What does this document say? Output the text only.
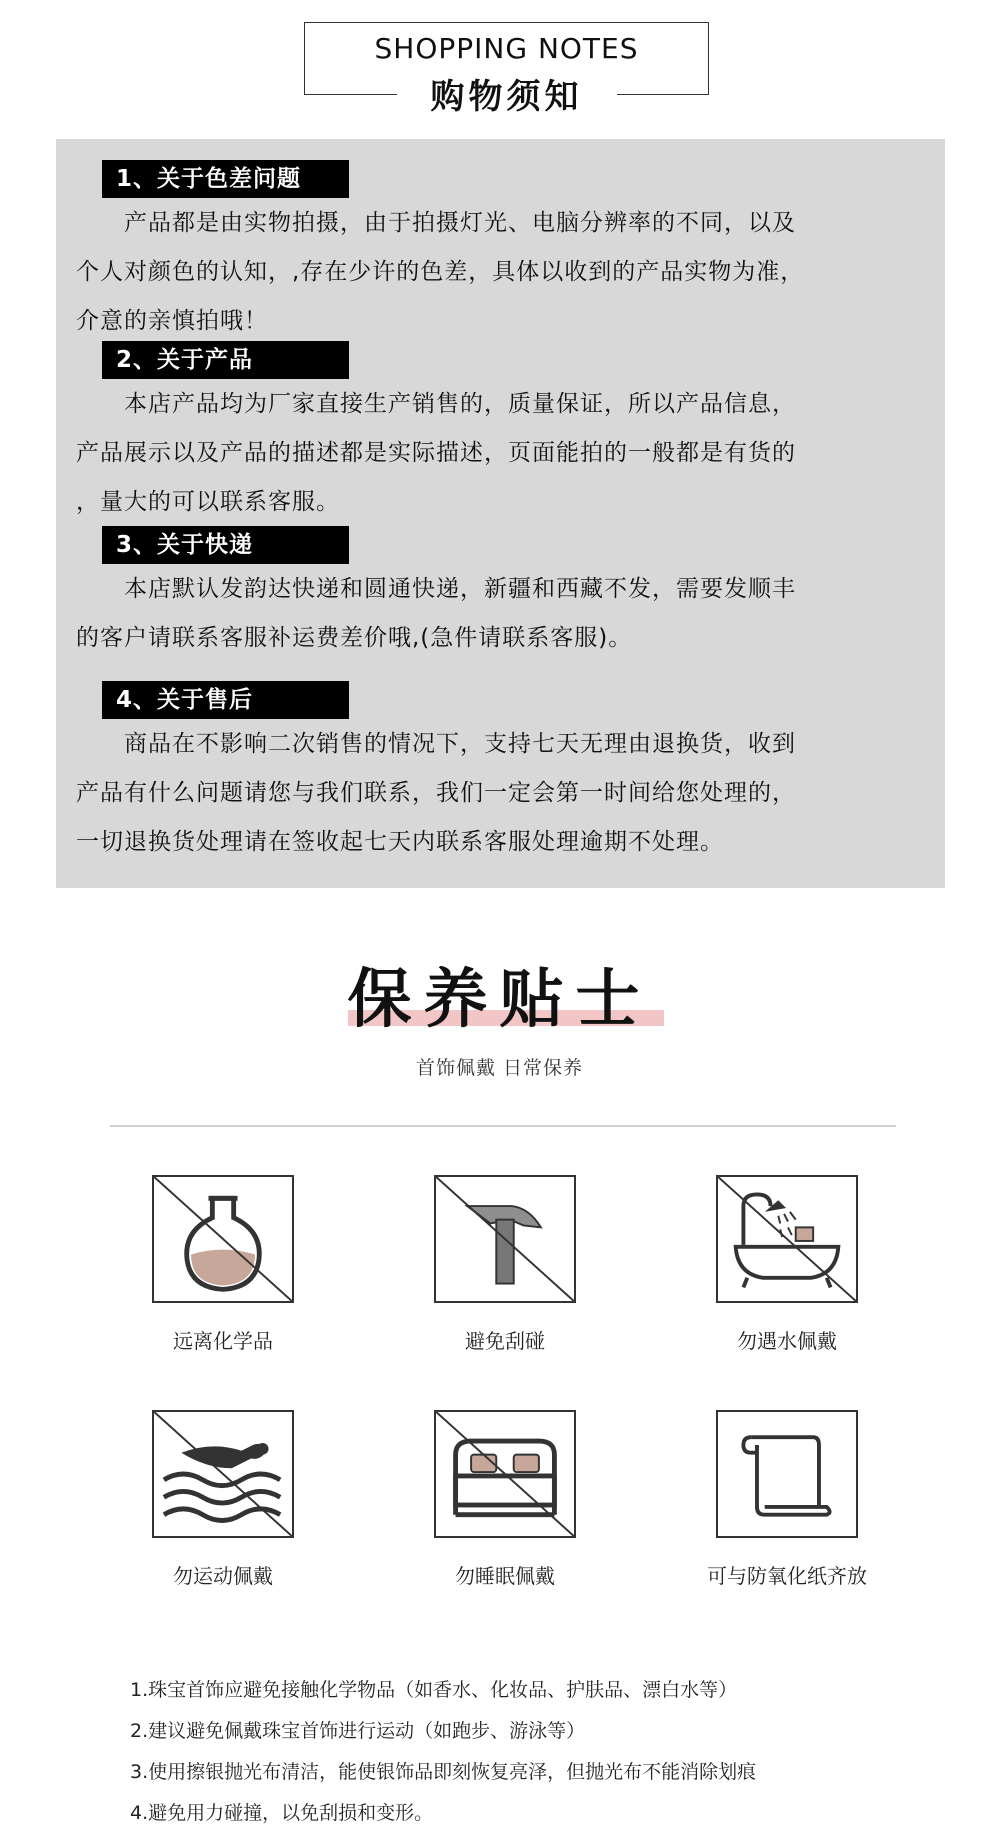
SHOPPING NOTES
购物须知
1、关于色差问题
　　产品都是由实物拍摄，由于拍摄灯光、电脑分辨率的不同，以及
个人对颜色的认知，,存在少许的色差，具体以收到的产品实物为准，
介意的亲慎拍哦！
2、关于产品
　　本店产品均为厂家直接生产销售的，质量保证，所以产品信息，
产品展示以及产品的描述都是实际描述，页面能拍的一般都是有货的
，量大的可以联系客服。
3、关于快递
　　本店默认发韵达快递和圆通快递，新疆和西藏不发，需要发顺丰
的客户请联系客服补运费差价哦,(急件请联系客服)。
4、关于售后
　　商品在不影响二次销售的情况下，支持七天无理由退换货，收到
产品有什么问题请您与我们联系，我们一定会第一时间给您处理的，
一切退换货处理请在签收起七天内联系客服处理逾期不处理。
保养贴士
首饰佩戴 日常保养
远离化学品	避免刮碰	勿遇水佩戴
勿运动佩戴	勿睡眠佩戴	可与防氧化纸齐放
1.珠宝首饰应避免接触化学物品（如香水、化妆品、护肤品、漂白水等）
2.建议避免佩戴珠宝首饰进行运动（如跑步、游泳等）
3.使用擦银抛光布清洁，能使银饰品即刻恢复亮泽，但抛光布不能消除划痕
4.避免用力碰撞，以免刮损和变形。
